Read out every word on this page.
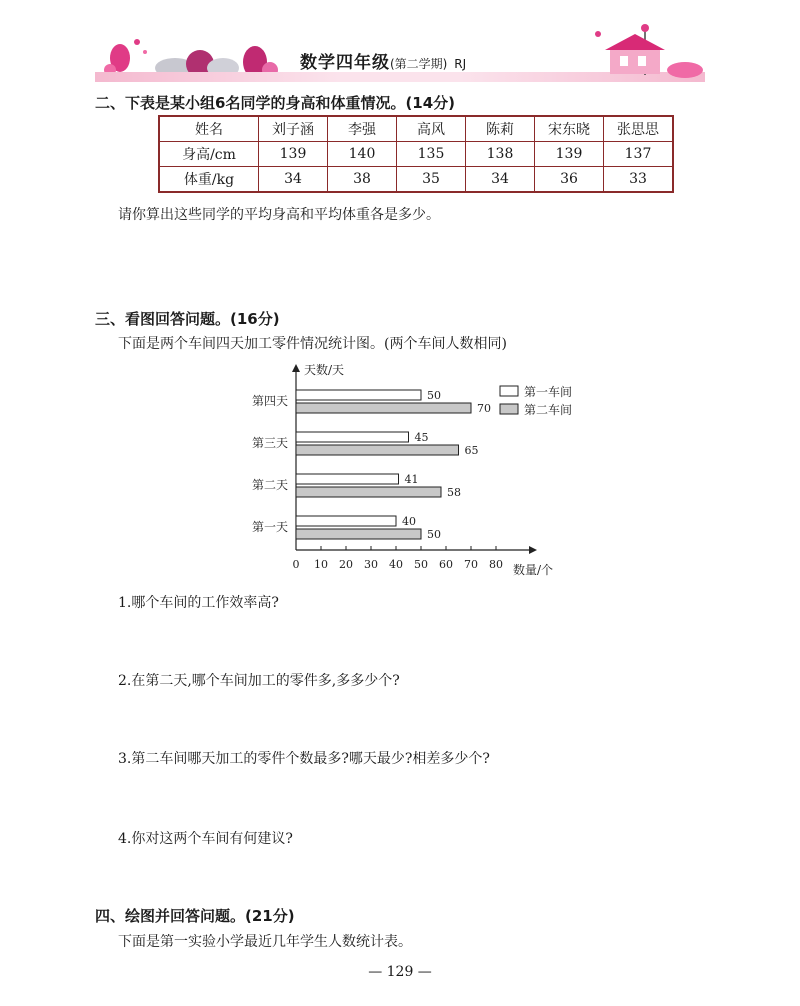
数学四年级(第二学期) RJ
二、下表是某小组6名同学的身高和体重情况。(14分)
姓名	刘子涵	李强	高风	陈莉	宋东晓	张思思
身高/cm	139	140	135	138	139	137
体重/kg	34	38	35	34	36	33
请你算出这些同学的平均身高和平均体重各是多少。
三、看图回答问题。(16分)
下面是两个车间四天加工零件情况统计图。(两个车间人数相同)
天数/天
数量/个
0 10 20 30 40 50 60 70 80
第一天	40
50
第二天	41
58
第三天	45
65
第四天	50
70
第一车间
第二车间
1.哪个车间的工作效率高?
2.在第二天,哪个车间加工的零件多,多多少个?
3.第二车间哪天加工的零件个数最多?哪天最少?相差多少个?
4.你对这两个车间有何建议?
四、绘图并回答问题。(21分)
下面是第一实验小学最近几年学生人数统计表。
— 129 —
